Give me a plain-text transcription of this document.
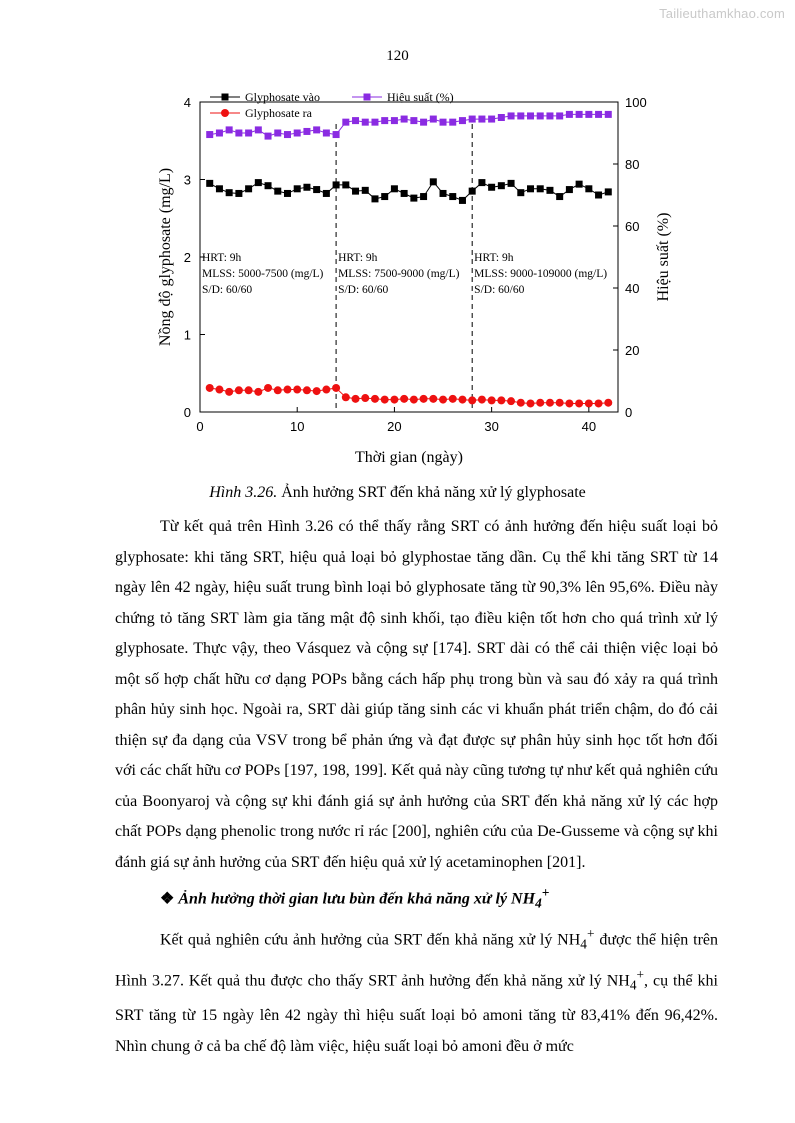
Tailieuthamkhao.com
120
HRT: 9h MLSS: 5000-7500 (mg/L) S/D: 60/60
HRT: 9h MLSS: 7500-9000 (mg/L) S/D: 60/60
HRT: 9h MLSS: 9000-109000 (mg/L) S/D: 60/60
0	10	20	30	40
0
1
2
3
4
0
20
40
60
80
100
Thời gian (ngày)
Nồng độ glyphosate (mg/L)	Hiệu suất (%)
Glyphosate vào
Glyphosate ra
Hiệu suất (%)
Hình 3.26. Ảnh hưởng SRT đến khả năng xử lý glyphosate

Từ kết quả trên Hình 3.26 có thể thấy rằng SRT có ảnh hưởng đến hiệu suất loại bỏ glyphosate: khi tăng SRT, hiệu quả loại bỏ glyphostae tăng dần. Cụ thể khi tăng SRT từ 14 ngày lên 42 ngày, hiệu suất trung bình loại bỏ glyphosate tăng từ 90,3% lên 95,6%. Điều này chứng tỏ tăng SRT làm gia tăng mật độ sinh khối, tạo điều kiện tốt hơn cho quá trình xử lý glyphosate. Thực vậy, theo Vásquez và cộng sự [174]. SRT dài có thể cải thiện việc loại bỏ một số hợp chất hữu cơ dạng POPs bằng cách hấp phụ trong bùn và sau đó xảy ra quá trình phân hủy sinh học. Ngoài ra, SRT dài giúp tăng sinh các vi khuẩn phát triển chậm, do đó cải thiện sự đa dạng của VSV trong bể phản ứng và đạt được sự phân hủy sinh học tốt hơn đối với các chất hữu cơ POPs [197, 198, 199]. Kết quả này cũng tương tự như kết quả nghiên cứu của Boonyaroj và cộng sự khi đánh giá sự ảnh hưởng của SRT đến khả năng xử lý các hợp chất POPs dạng phenolic trong nước rỉ rác [200], nghiên cứu của De-Gusseme và cộng sự khi đánh giá sự ảnh hưởng của SRT đến hiệu quả xử lý acetaminophen [201].

❖ Ảnh hưởng thời gian lưu bùn đến khả năng xử lý $NH_4^+$

Kết quả nghiên cứu ảnh hưởng của SRT đến khả năng xử lý $NH_4^+$ được thể hiện trên Hình 3.27. Kết quả thu được cho thấy SRT ảnh hưởng đến khả năng xử lý $NH_4^+$, cụ thể khi SRT tăng từ 15 ngày lên 42 ngày thì hiệu suất loại bỏ amoni tăng từ 83,41% đến 96,42%. Nhìn chung ở cả ba chế độ làm việc, hiệu suất loại bỏ amoni đều ở mức
